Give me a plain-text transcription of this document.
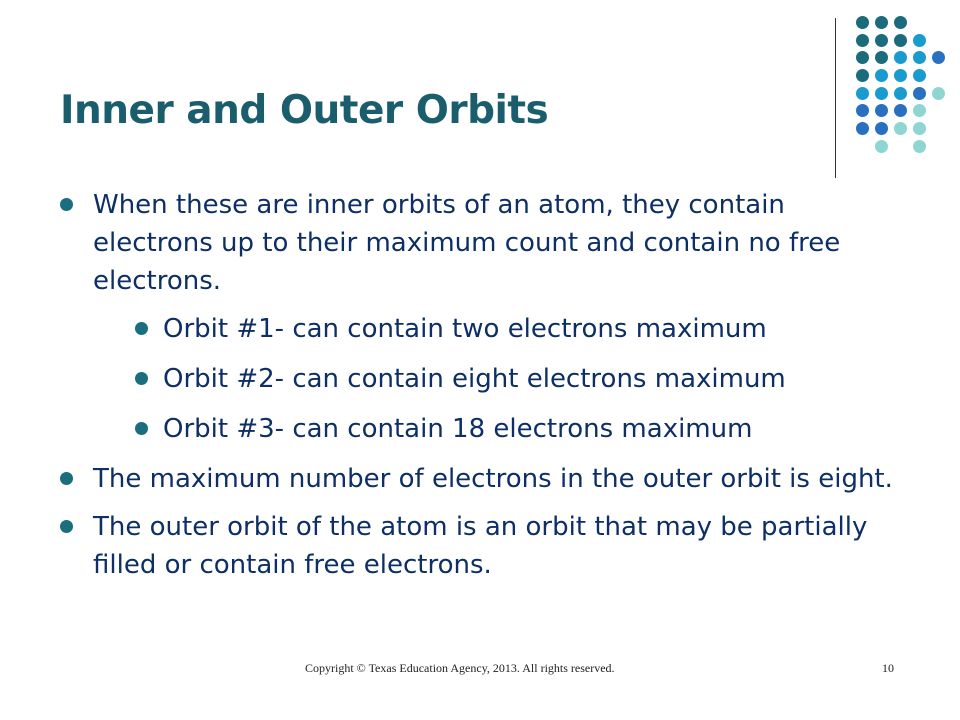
Inner and Outer Orbits
When these are inner orbits of an atom, they contain electrons up to their maximum count and contain no free electrons.
Orbit #1- can contain two electrons maximum
Orbit #2- can contain eight electrons maximum
Orbit #3- can contain 18 electrons maximum
The maximum number of electrons in the outer orbit is eight.
The outer orbit of the atom is an orbit that may be partially filled or contain free electrons.
Copyright © Texas Education Agency, 2013. All rights reserved.	10
